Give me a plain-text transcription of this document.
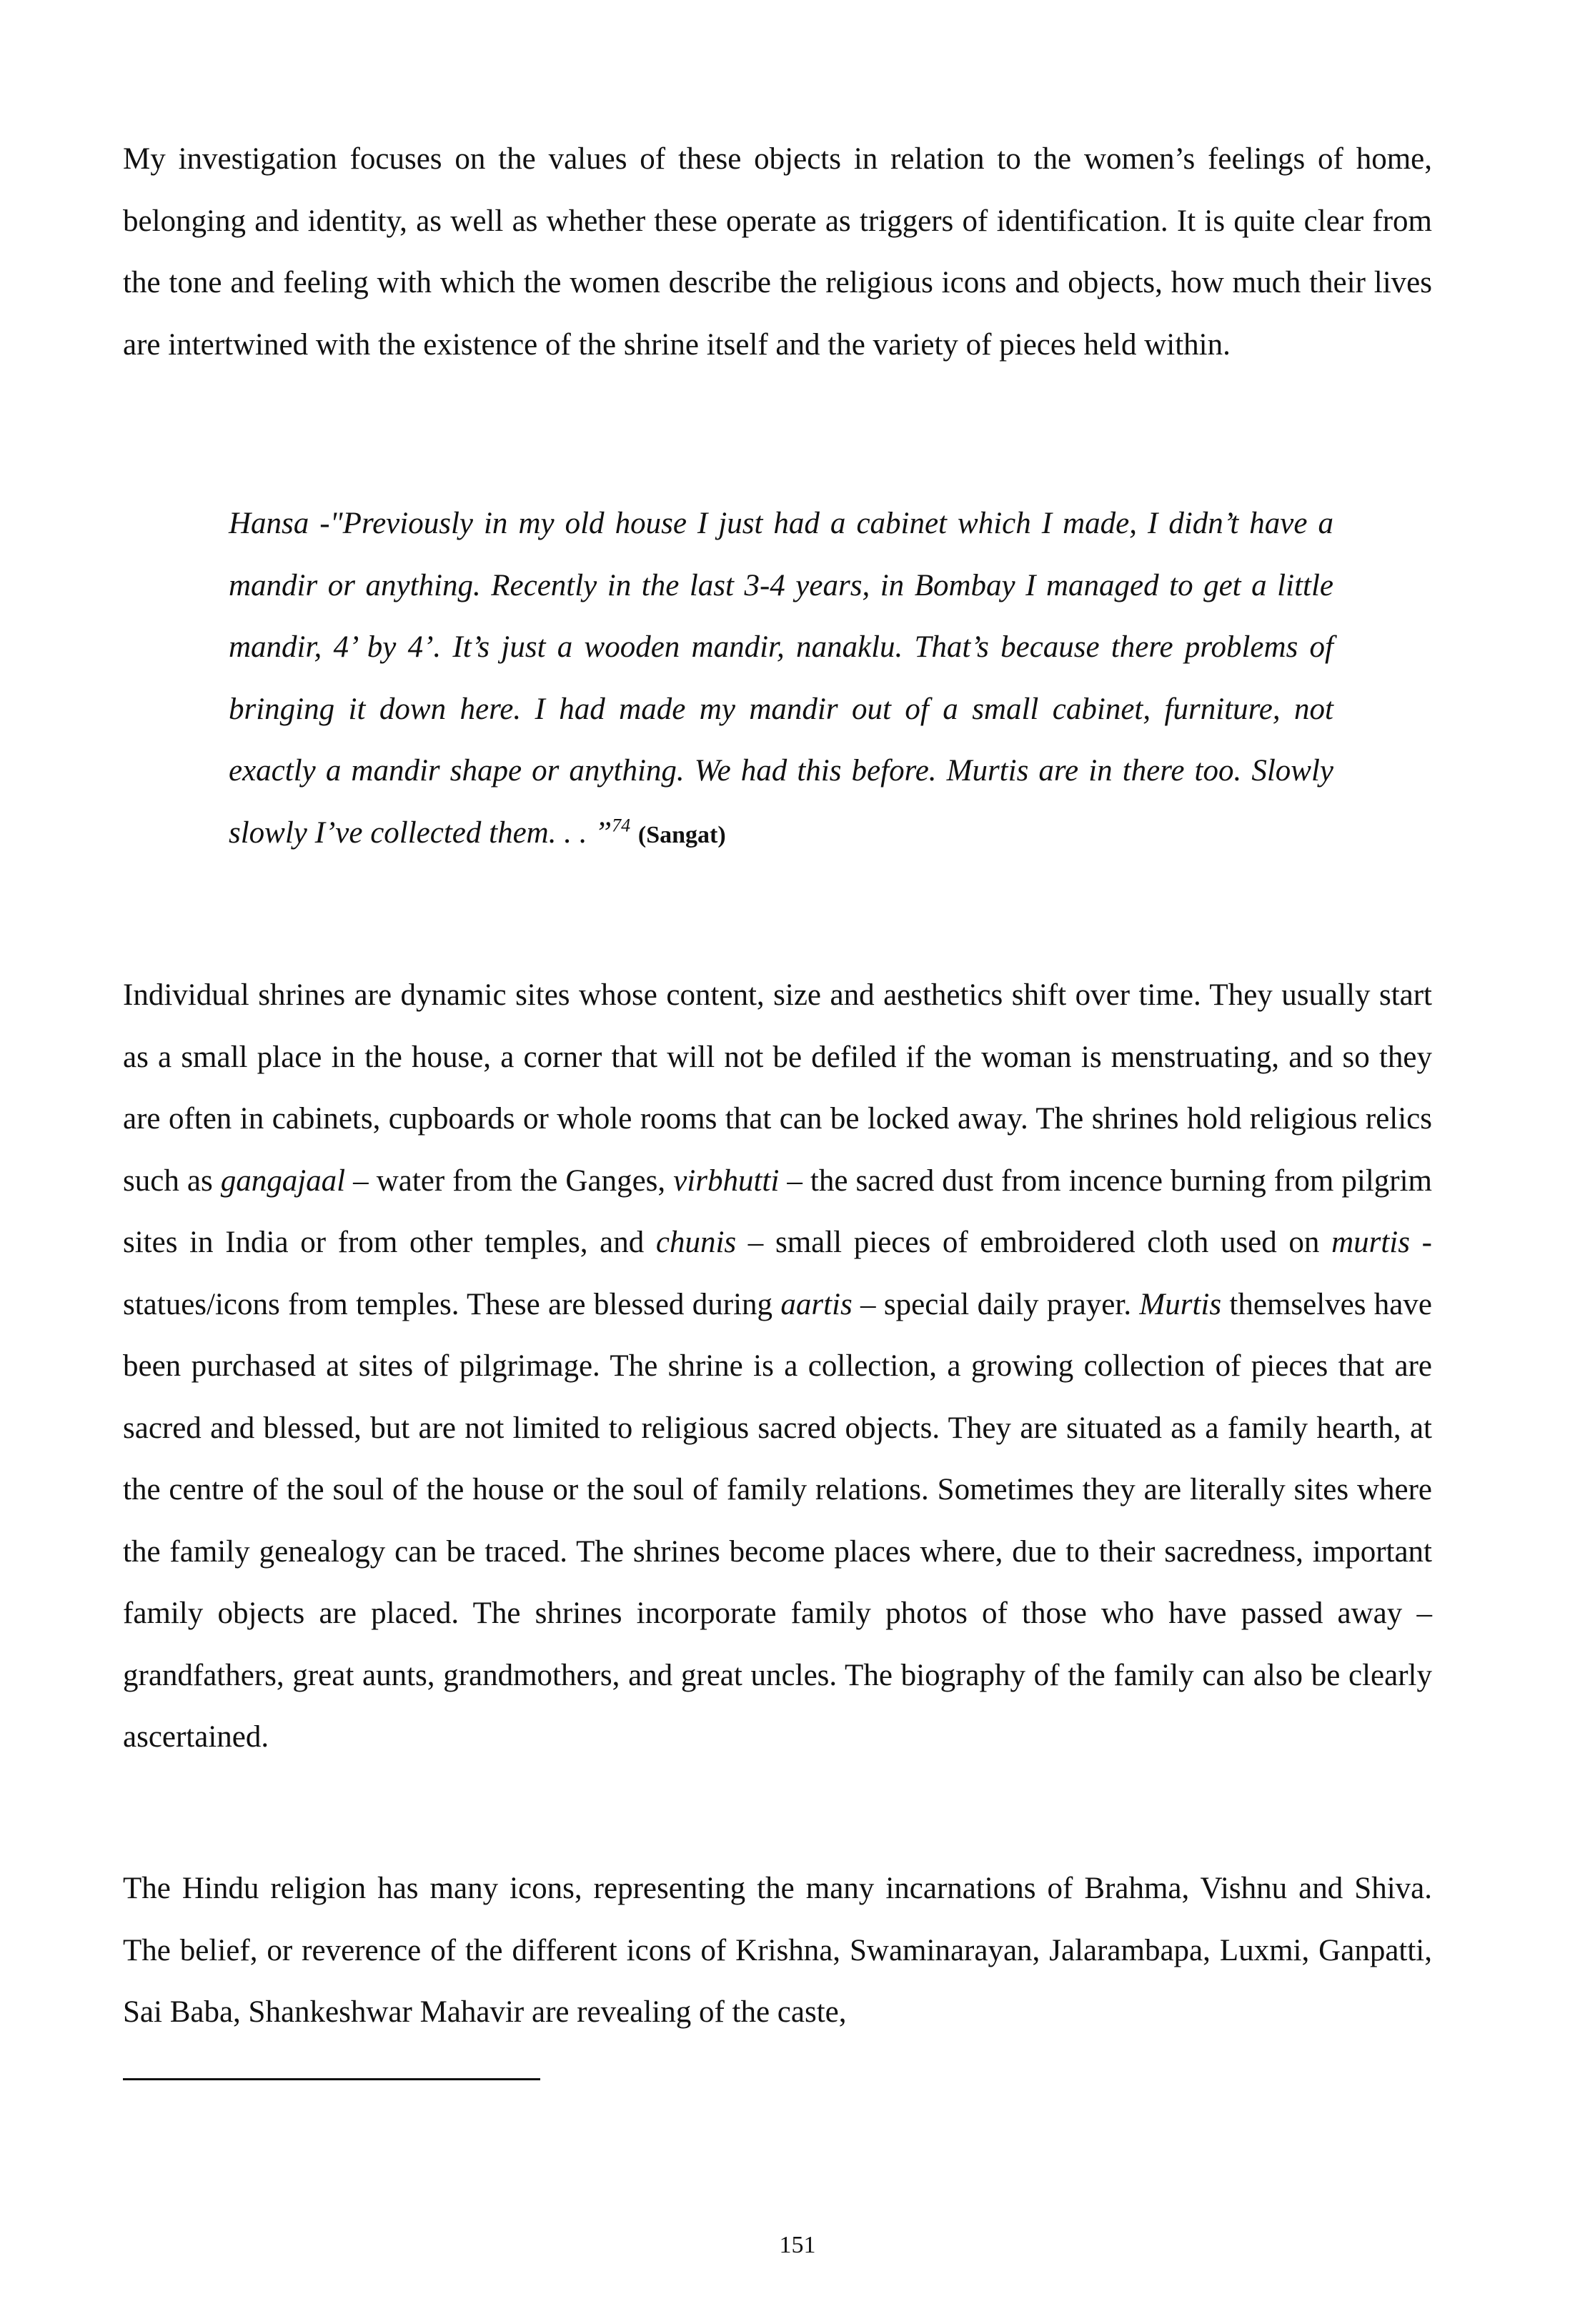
My investigation focuses on the values of these objects in relation to the women’s feelings of home, belonging and identity, as well as whether these operate as triggers of identification. It is quite clear from the tone and feeling with which the women describe the religious icons and objects, how much their lives are intertwined with the existence of the shrine itself and the variety of pieces held within.

Hansa -"Previously in my old house I just had a cabinet which I made, I didn’t have a mandir or anything. Recently in the last 3-4 years, in Bombay I managed to get a little mandir, 4’ by 4’. It’s just a wooden mandir, nanaklu. That’s because there problems of bringing it down here. I had made my mandir out of a small cabinet, furniture, not exactly a mandir shape or anything. We had this before. Murtis are in there too. Slowly slowly I’ve collected them. . . ”$^{74}$ (Sangat)

Individual shrines are dynamic sites whose content, size and aesthetics shift over time. They usually start as a small place in the house, a corner that will not be defiled if the woman is menstruating, and so they are often in cabinets, cupboards or whole rooms that can be locked away. The shrines hold religious relics such as gangajaal – water from the Ganges, virbhutti – the sacred dust from incence burning from pilgrim sites in India or from other temples, and chunis – small pieces of embroidered cloth used on murtis - statues/icons from temples. These are blessed during aartis – special daily prayer. Murtis themselves have been purchased at sites of pilgrimage. The shrine is a collection, a growing collection of pieces that are sacred and blessed, but are not limited to religious sacred objects. They are situated as a family hearth, at the centre of the soul of the house or the soul of family relations. Sometimes they are literally sites where the family genealogy can be traced. The shrines become places where, due to their sacredness, important family objects are placed. The shrines incorporate family photos of those who have passed away – grandfathers, great aunts, grandmothers, and great uncles. The biography of the family can also be clearly ascertained.

The Hindu religion has many icons, representing the many incarnations of Brahma, Vishnu and Shiva. The belief, or reverence of the different icons of Krishna, Swaminarayan, Jalarambapa, Luxmi, Ganpatti, Sai Baba, Shankeshwar Mahavir are revealing of the caste,

151
